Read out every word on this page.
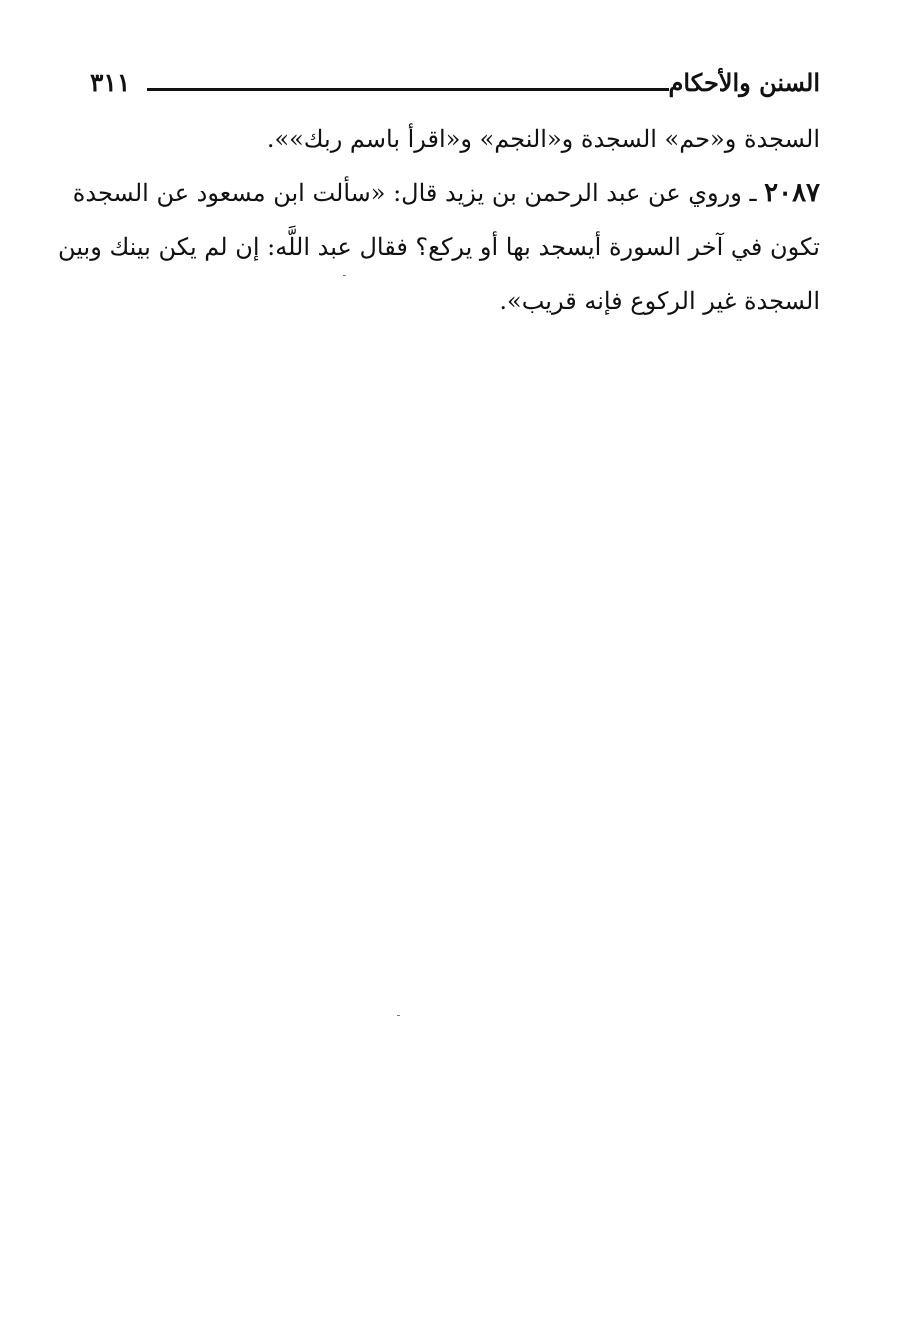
٣١١	السنن والأحكام
السجدة و«حم» السجدة و«النجم» و«اقرأ باسم ربك»».
٢٠٨٧ ـ وروي عن عبد الرحمن بن يزيد قال: «سألت ابن مسعود عن السجدة
تكون في آخر السورة أيسجد بها أو يركع؟ فقال عبد اللَّه: إن لم يكن بينك وبين
السجدة غير الركوع فإنه قريب».
